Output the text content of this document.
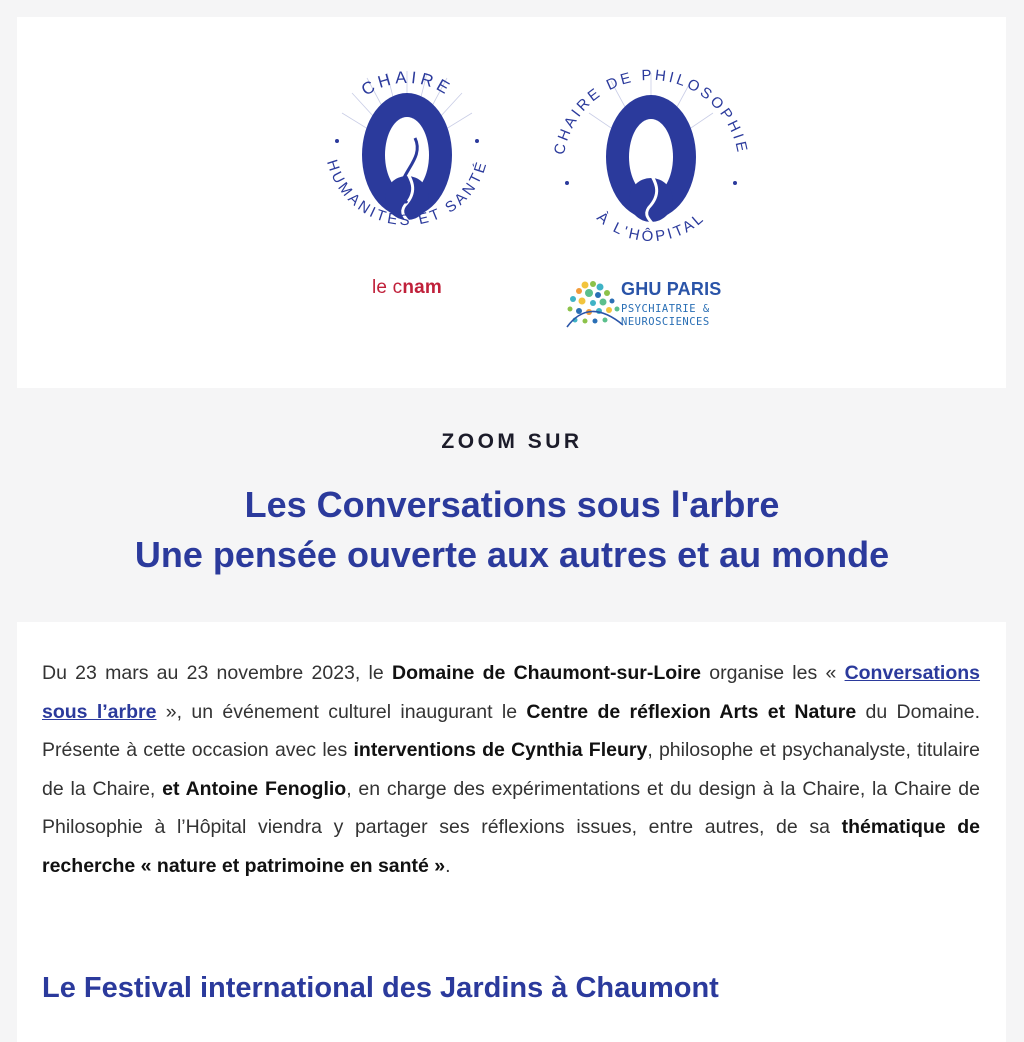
CHAIRE
HUMANITÉS ET SANTÉ
le cnam
CHAIRE DE PHILOSOPHIE
À L'HÔPITAL
GHU PARIS
PSYCHIATRIE &
NEUROSCIENCES
ZOOM SUR
Les Conversations sous l'arbre
Une pensée ouverte aux autres et au monde

Du 23 mars au 23 novembre 2023, le Domaine de Chaumont-sur-Loire organise les « Conversations sous l’arbre », un événement culturel inaugurant le Centre de réflexion Arts et Nature du Domaine. Présente à cette occasion avec les interventions de Cynthia Fleury, philosophe et psychanalyste, titulaire de la Chaire, et Antoine Fenoglio, en charge des expérimentations et du design à la Chaire, la Chaire de Philosophie à l’Hôpital viendra y partager ses réflexions issues, entre autres, de sa thématique de recherche « nature et patrimoine en santé ».

Le Festival international des Jardins à Chaumont
